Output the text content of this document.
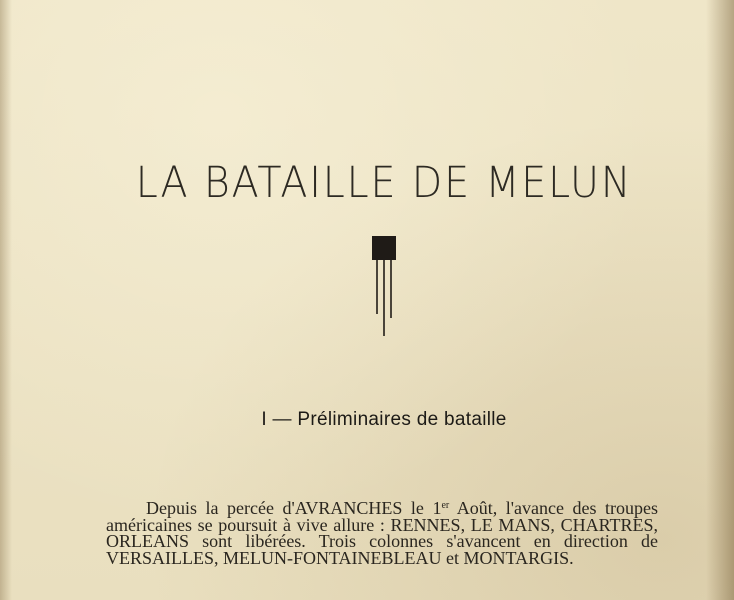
LA BATAILLE DE MELUN
I — Préliminaires de bataille

Depuis la percée d'AVRANCHES le 1er Août, l'avance des troupes américaines se poursuit à vive allure : RENNES, LE MANS, CHARTRES, ORLEANS sont libérées. Trois colonnes s'avancent en direction de VERSAILLES, MELUN-FONTAINEBLEAU et MONTARGIS.
